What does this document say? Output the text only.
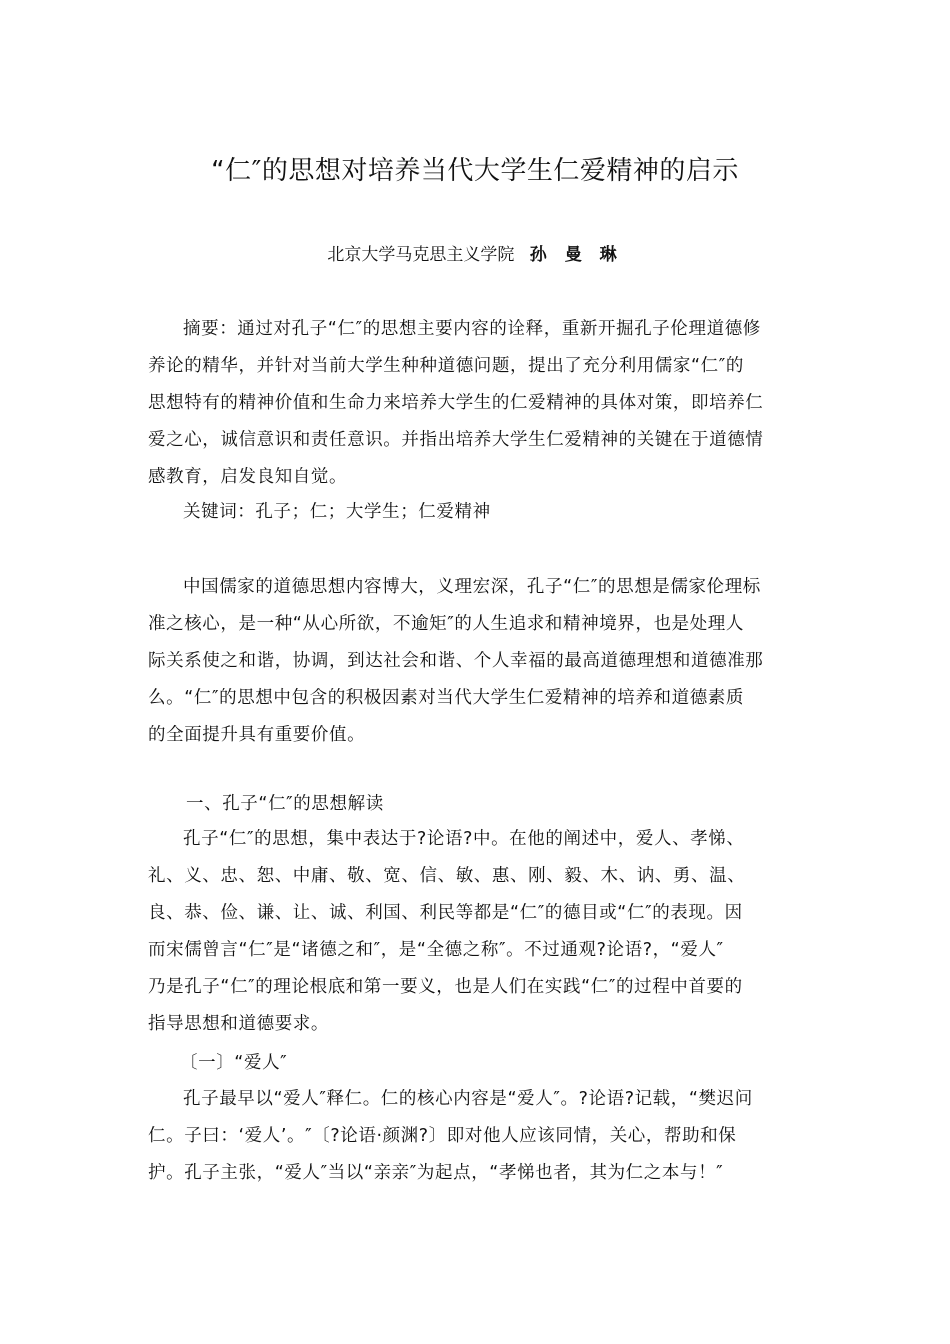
“仁″的思想对培养当代大学生仁爱精神的启示
北京大学马克思主义学院 孙 曼 琳
摘要：通过对孔子“仁″的思想主要内容的诠释，重新开掘孔子伦理道德修
养论的精华，并针对当前大学生种种道德问题，提出了充分利用儒家“仁″的
思想特有的精神价值和生命力来培养大学生的仁爱精神的具体对策，即培养仁
爱之心，诚信意识和责任意识。并指出培养大学生仁爱精神的关键在于道德情
感教育，启发良知自觉。
关键词：孔子；仁；大学生；仁爱精神
中国儒家的道德思想内容博大，义理宏深，孔子“仁″的思想是儒家伦理标
准之核心，是一种“从心所欲，不逾矩″的人生追求和精神境界，也是处理人
际关系使之和谐，协调，到达社会和谐、个人幸福的最高道德理想和道德准那
么。“仁″的思想中包含的积极因素对当代大学生仁爱精神的培养和道德素质
的全面提升具有重要价值。
一、孔子“仁″的思想解读
孔子“仁″的思想，集中表达于?论语?中。在他的阐述中，爱人、孝悌、
礼、义、忠、恕、中庸、敬、宽、信、敏、惠、刚、毅、木、讷、勇、温、
良、恭、俭、谦、让、诚、利国、利民等都是“仁″的德目或“仁″的表现。因
而宋儒曾言“仁″是“诸德之和″，是“全德之称″。不过通观?论语?，“爱人″
乃是孔子“仁″的理论根底和第一要义，也是人们在实践“仁″的过程中首要的
指导思想和道德要求。
〔一〕“爱人″
孔子最早以“爱人″释仁。仁的核心内容是“爱人″。?论语?记载，“樊迟问
仁。子曰：‘爱人’。″〔?论语·颜渊?〕即对他人应该同情，关心，帮助和保
护。孔子主张，“爱人″当以“亲亲″为起点，“孝悌也者，其为仁之本与！″
